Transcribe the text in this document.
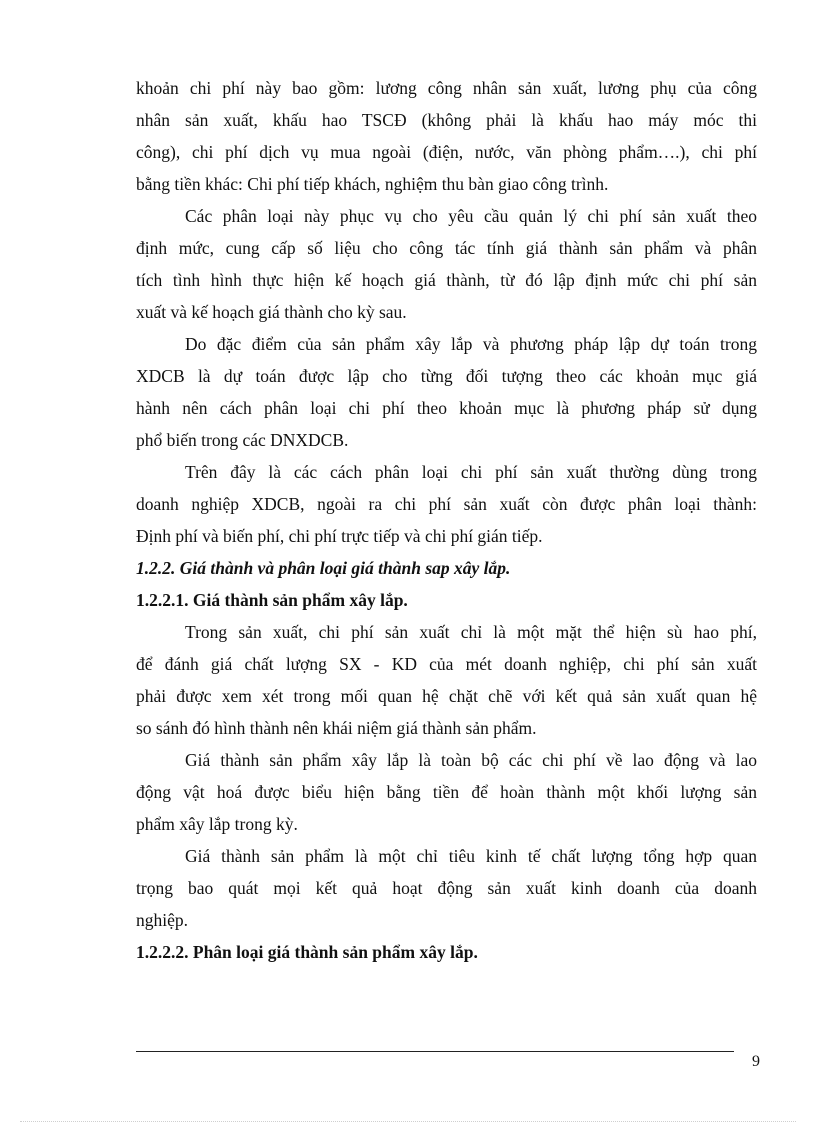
khoản chi phí này bao gồm: lương công nhân sản xuất, lương phụ của công
nhân sản xuất, khấu hao TSCĐ (không phải là khấu hao máy móc thi
công), chi phí dịch vụ mua ngoài (điện, nước, văn phòng phẩm….), chi phí
bằng tiền khác: Chi phí tiếp khách, nghiệm thu bàn giao công trình.
Các phân loại này phục vụ cho yêu cầu quản lý chi phí sản xuất theo
định mức, cung cấp số liệu cho công tác tính giá thành sản phẩm và phân
tích tình hình thực hiện kế hoạch giá thành, từ đó lập định mức chi phí sản
xuất và kế hoạch giá thành cho kỳ sau.
Do đặc điểm của sản phẩm xây lắp và phương pháp lập dự toán trong
XDCB là dự toán được lập cho từng đối tượng theo các khoản mục giá
hành nên cách phân loại chi phí theo khoản mục là phương pháp sử dụng
phổ biến trong các DNXDCB.
Trên đây là các cách phân loại chi phí sản xuất thường dùng trong
doanh nghiệp XDCB, ngoài ra chi phí sản xuất còn được phân loại thành:
Định phí và biến phí, chi phí trực tiếp và chi phí gián tiếp.
1.2.2. Giá thành và phân loại giá thành sap xây lắp.
1.2.2.1. Giá thành sản phẩm xây lắp.
Trong sản xuất, chi phí sản xuất chỉ là một mặt thể hiện sù hao phí,
để đánh giá chất lượng SX - KD của mét doanh nghiệp, chi phí sản xuất
phải được xem xét trong mối quan hệ chặt chẽ với kết quả sản xuất quan hệ
so sánh đó hình thành nên khái niệm giá thành sản phẩm.
Giá thành sản phẩm xây lắp là toàn bộ các chi phí về lao động và lao
động vật hoá được biểu hiện bằng tiền để hoàn thành một khối lượng sản
phẩm xây lắp trong kỳ.
Giá thành sản phẩm là một chỉ tiêu kinh tế chất lượng tổng hợp quan
trọng bao quát mọi kết quả hoạt động sản xuất kinh doanh của doanh
nghiệp.
1.2.2.2. Phân loại giá thành sản phẩm xây lắp.
9
